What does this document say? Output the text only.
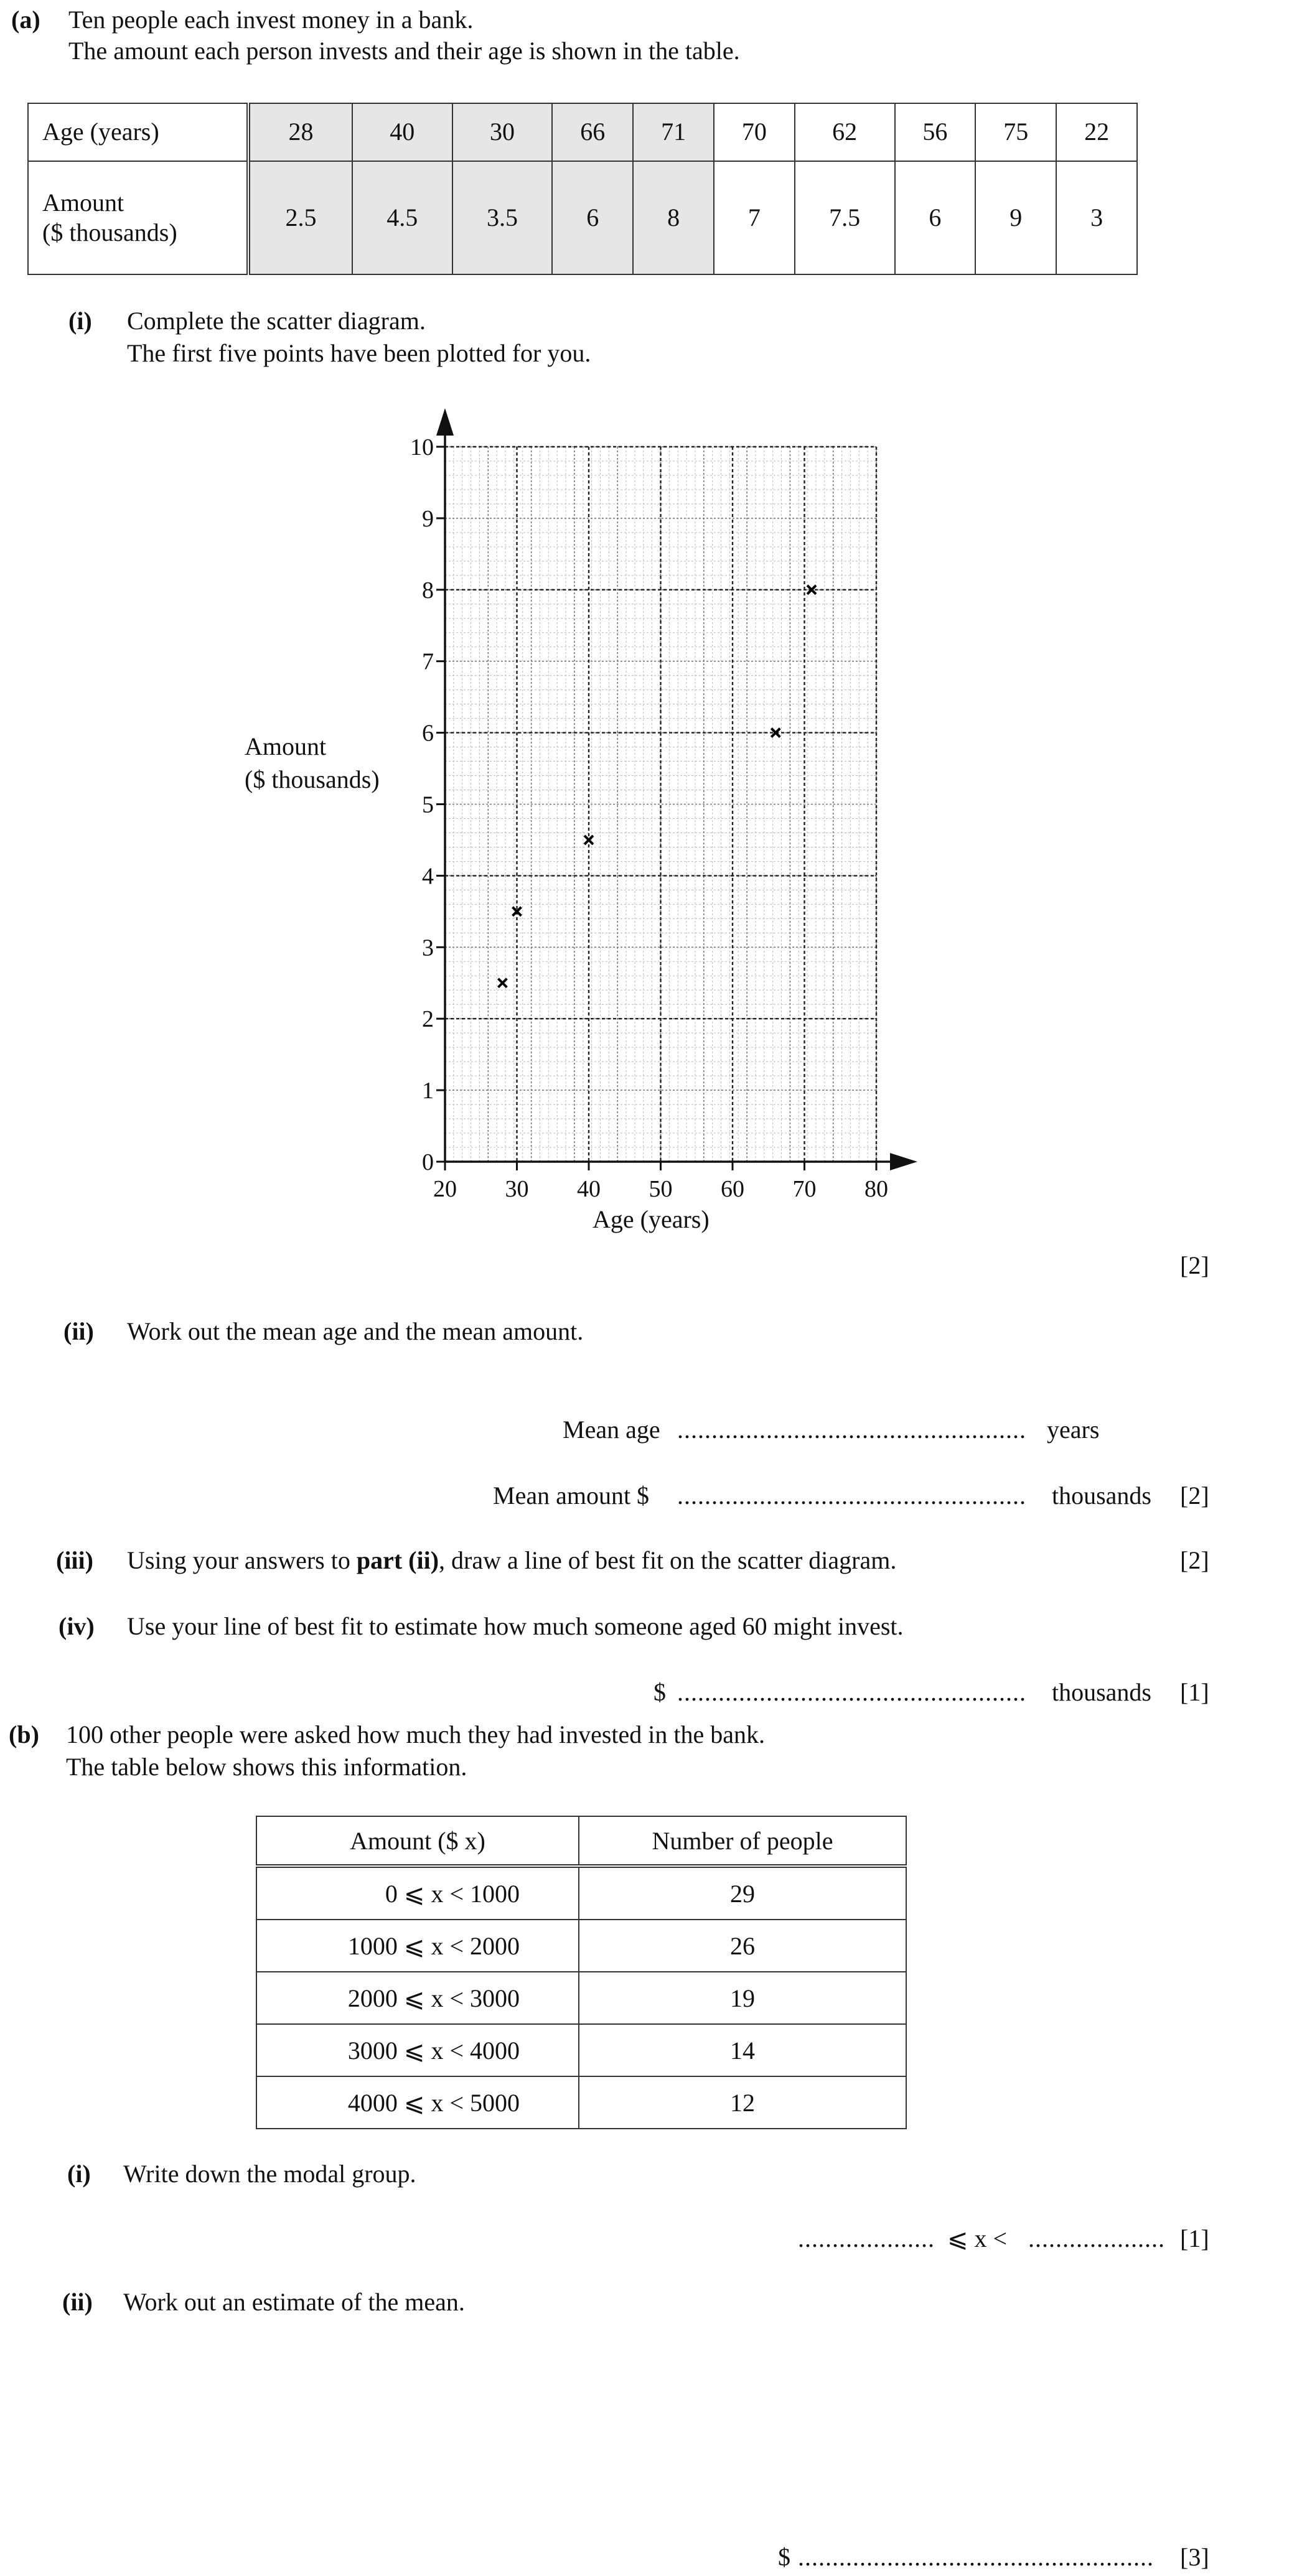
(a) Ten people each invest money in a bank.
The amount each person invests and their age is shown in the table.
Age (years)	28	40	30	66	71	70	62	56	75	22
Amount
($ thousands)	2.5	4.5	3.5	6	8	7	7.5	6	9	3
(i) Complete the scatter diagram.
The first five points have been plotted for you.
Amount
($ thousands)
0
1
2
3
4
5
6
7
8
9
10
20 30 40 50 60 70 80
Age (years)
[2]
(ii) Work out the mean age and the mean amount.
Mean age ................................................... years
Mean amount $ ................................................... thousands [2]
(iii) Using your answers to part (ii), draw a line of best fit on the scatter diagram.	[2]
(iv) Use your line of best fit to estimate how much someone aged 60 might invest.
$ ................................................... thousands [1]
(b) 100 other people were asked how much they had invested in the bank.
The table below shows this information.
Amount ($ x)	Number of people
0 ⩽ x < 1000	29
1000 ⩽ x < 2000	26
2000 ⩽ x < 3000	19
3000 ⩽ x < 4000	14
4000 ⩽ x < 5000	12
(i) Write down the modal group.
.................... ⩽ x < .................... [1]
(ii) Work out an estimate of the mean.
$ .................................................... [3]
